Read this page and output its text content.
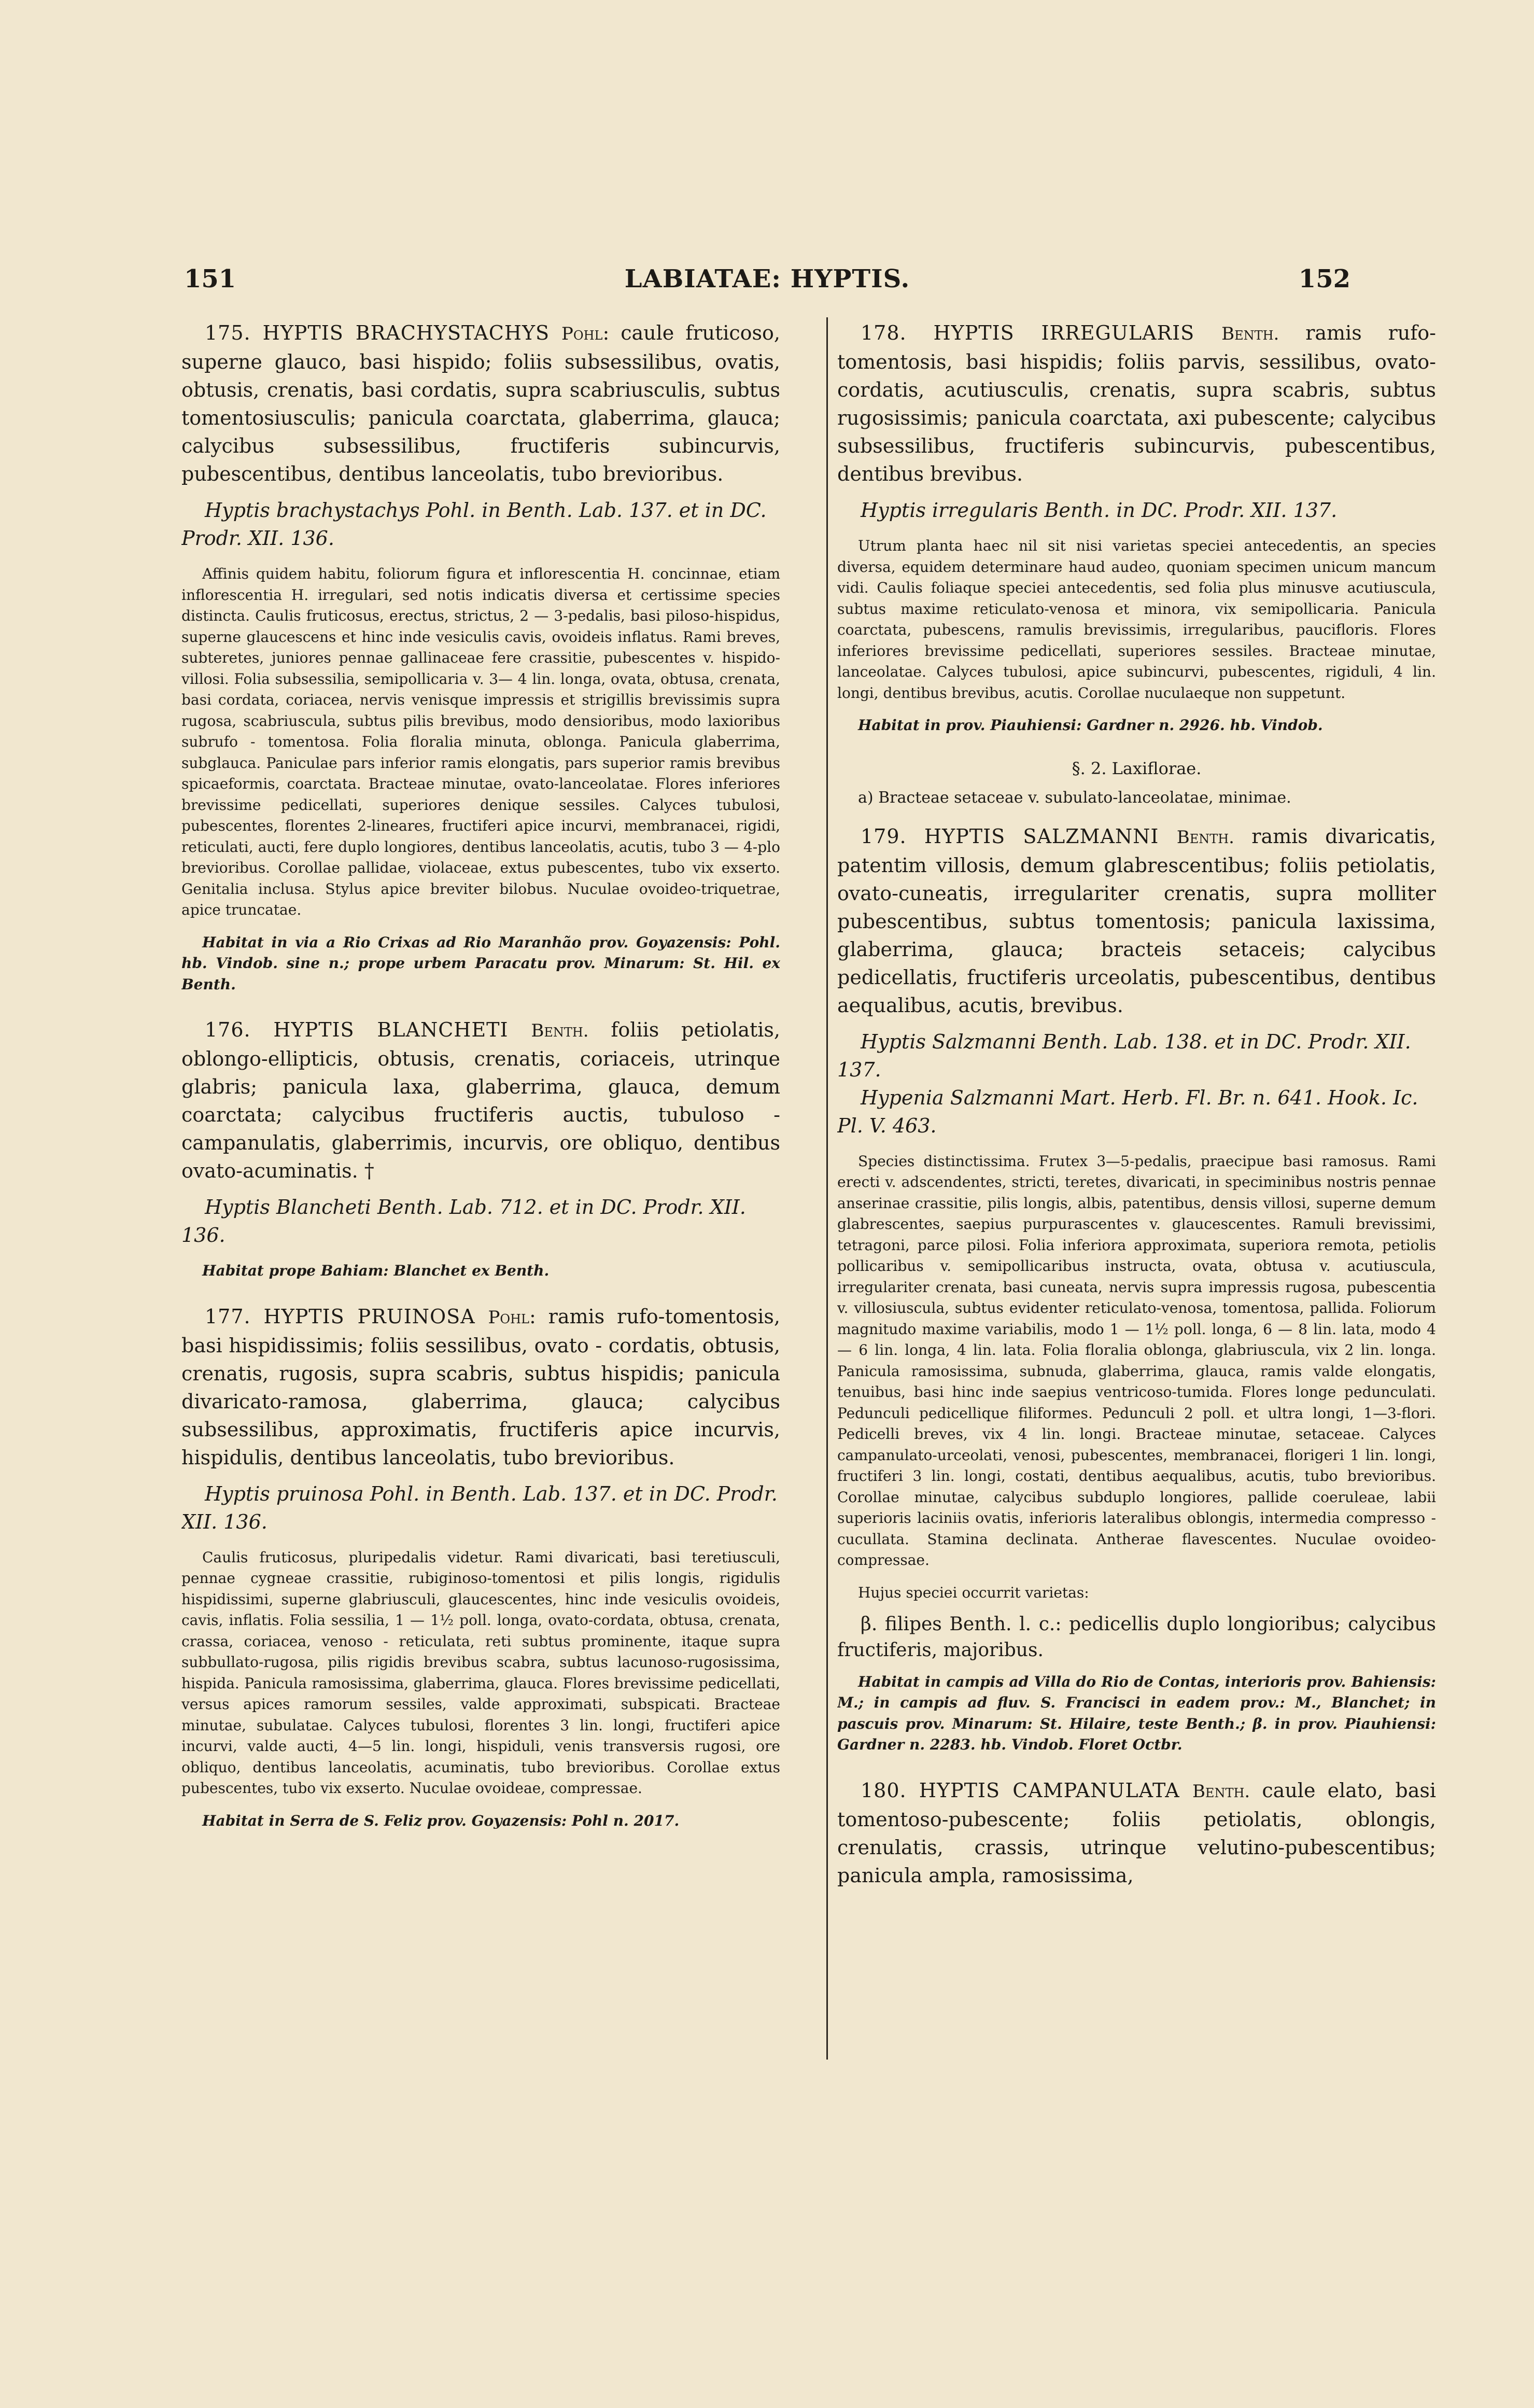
151	LABIATAE: HYPTIS.	152

175. HYPTIS BRACHYSTACHYS Pohl: caule fruticoso, superne glauco, basi hispido; foliis subsessilibus, ovatis, obtusis, crenatis, basi cordatis, supra scabriusculis, subtus tomentosiusculis; panicula coarctata, glaberrima, glauca; calycibus subsessilibus, fructiferis subincurvis, pubescentibus, dentibus lanceolatis, tubo brevioribus.

Hyptis brachystachys Pohl. in Benth. Lab. 137. et in DC. Prodr. XII. 136.

Affinis quidem habitu, foliorum figura et inflorescentia H. concinnae, etiam inflorescentia H. irregulari, sed notis indicatis diversa et certissime species distincta. Caulis fruticosus, erectus, strictus, 2 — 3-pedalis, basi piloso-hispidus, superne glaucescens et hinc inde vesiculis cavis, ovoideis inflatus. Rami breves, subteretes, juniores pennae gallinaceae fere crassitie, pubescentes v. hispido-villosi. Folia subsessilia, semipollicaria v. 3— 4 lin. longa, ovata, obtusa, crenata, basi cordata, coriacea, nervis venisque impressis et strigillis brevissimis supra rugosa, scabriuscula, subtus pilis brevibus, modo densioribus, modo laxioribus subrufo - tomentosa. Folia floralia minuta, oblonga. Panicula glaberrima, subglauca. Paniculae pars inferior ramis elongatis, pars superior ramis brevibus spicaeformis, coarctata. Bracteae minutae, ovato-lanceolatae. Flores inferiores brevissime pedicellati, superiores denique sessiles. Calyces tubulosi, pubescentes, florentes 2-lineares, fructiferi apice incurvi, membranacei, rigidi, reticulati, aucti, fere duplo longiores, dentibus lanceolatis, acutis, tubo 3 — 4-plo brevioribus. Corollae pallidae, violaceae, extus pubescentes, tubo vix exserto. Genitalia inclusa. Stylus apice breviter bilobus. Nuculae ovoideo-triquetrae, apice truncatae.

Habitat in via a Rio Crixas ad Rio Maranhão prov. Goyazensis: Pohl. hb. Vindob. sine n.; prope urbem Paracatu prov. Minarum: St. Hil. ex Benth.

176. HYPTIS BLANCHETI Benth. foliis petiolatis, oblongo-ellipticis, obtusis, crenatis, coriaceis, utrinque glabris; panicula laxa, glaberrima, glauca, demum coarctata; calycibus fructiferis auctis, tubuloso - campanulatis, glaberrimis, incurvis, ore obliquo, dentibus ovato-acuminatis. †

Hyptis Blancheti Benth. Lab. 712. et in DC. Prodr. XII. 136.

Habitat prope Bahiam: Blanchet ex Benth.

177. HYPTIS PRUINOSA Pohl: ramis rufo-tomentosis, basi hispidissimis; foliis sessilibus, ovato - cordatis, obtusis, crenatis, rugosis, supra scabris, subtus hispidis; panicula divaricato-ramosa, glaberrima, glauca; calycibus subsessilibus, approximatis, fructiferis apice incurvis, hispidulis, dentibus lanceolatis, tubo brevioribus.

Hyptis pruinosa Pohl. in Benth. Lab. 137. et in DC. Prodr. XII. 136.

Caulis fruticosus, pluripedalis videtur. Rami divaricati, basi teretiusculi, pennae cygneae crassitie, rubiginoso-tomentosi et pilis longis, rigidulis hispidissimi, superne glabriusculi, glaucescentes, hinc inde vesiculis ovoideis, cavis, inflatis. Folia sessilia, 1 — 1½ poll. longa, ovato-cordata, obtusa, crenata, crassa, coriacea, venoso - reticulata, reti subtus prominente, itaque supra subbullato-rugosa, pilis rigidis brevibus scabra, subtus lacunoso-rugosissima, hispida. Panicula ramosissima, glaberrima, glauca. Flores brevissime pedicellati, versus apices ramorum sessiles, valde approximati, subspicati. Bracteae minutae, subulatae. Calyces tubulosi, florentes 3 lin. longi, fructiferi apice incurvi, valde aucti, 4—5 lin. longi, hispiduli, venis transversis rugosi, ore obliquo, dentibus lanceolatis, acuminatis, tubo brevioribus. Corollae extus pubescentes, tubo vix exserto. Nuculae ovoideae, compressae.

Habitat in Serra de S. Feliz prov. Goyazensis: Pohl n. 2017.

178. HYPTIS IRREGULARIS Benth. ramis rufo-tomentosis, basi hispidis; foliis parvis, sessilibus, ovato-cordatis, acutiusculis, crenatis, supra scabris, subtus rugosissimis; panicula coarctata, axi pubescente; calycibus subsessilibus, fructiferis subincurvis, pubescentibus, dentibus brevibus.

Hyptis irregularis Benth. in DC. Prodr. XII. 137.

Utrum planta haec nil sit nisi varietas speciei antecedentis, an species diversa, equidem determinare haud audeo, quoniam specimen unicum mancum vidi. Caulis foliaque speciei antecedentis, sed folia plus minusve acutiuscula, subtus maxime reticulato-venosa et minora, vix semipollicaria. Panicula coarctata, pubescens, ramulis brevissimis, irregularibus, paucifloris. Flores inferiores brevissime pedicellati, superiores sessiles. Bracteae minutae, lanceolatae. Calyces tubulosi, apice subincurvi, pubescentes, rigiduli, 4 lin. longi, dentibus brevibus, acutis. Corollae nuculaeque non suppetunt.

Habitat in prov. Piauhiensi: Gardner n. 2926. hb. Vindob.

§. 2. Laxiflorae.

a) Bracteae setaceae v. subulato-lanceolatae, minimae.

179. HYPTIS SALZMANNI Benth. ramis divaricatis, patentim villosis, demum glabrescentibus; foliis petiolatis, ovato-cuneatis, irregulariter crenatis, supra molliter pubescentibus, subtus tomentosis; panicula laxissima, glaberrima, glauca; bracteis setaceis; calycibus pedicellatis, fructiferis urceolatis, pubescentibus, dentibus aequalibus, acutis, brevibus.

Hyptis Salzmanni Benth. Lab. 138. et in DC. Prodr. XII. 137.

Hypenia Salzmanni Mart. Herb. Fl. Br. n. 641. Hook. Ic. Pl. V. 463.

Species distinctissima. Frutex 3—5-pedalis, praecipue basi ramosus. Rami erecti v. adscendentes, stricti, teretes, divaricati, in speciminibus nostris pennae anserinae crassitie, pilis longis, albis, patentibus, densis villosi, superne demum glabrescentes, saepius purpurascentes v. glaucescentes. Ramuli brevissimi, tetragoni, parce pilosi. Folia inferiora approximata, superiora remota, petiolis pollicaribus v. semipollicaribus instructa, ovata, obtusa v. acutiuscula, irregulariter crenata, basi cuneata, nervis supra impressis rugosa, pubescentia v. villosiuscula, subtus evidenter reticulato-venosa, tomentosa, pallida. Foliorum magnitudo maxime variabilis, modo 1 — 1½ poll. longa, 6 — 8 lin. lata, modo 4 — 6 lin. longa, 4 lin. lata. Folia floralia oblonga, glabriuscula, vix 2 lin. longa. Panicula ramosissima, subnuda, glaberrima, glauca, ramis valde elongatis, tenuibus, basi hinc inde saepius ventricoso-tumida. Flores longe pedunculati. Pedunculi pedicellique filiformes. Pedunculi 2 poll. et ultra longi, 1—3-flori. Pedicelli breves, vix 4 lin. longi. Bracteae minutae, setaceae. Calyces campanulato-urceolati, venosi, pubescentes, membranacei, florigeri 1 lin. longi, fructiferi 3 lin. longi, costati, dentibus aequalibus, acutis, tubo brevioribus. Corollae minutae, calycibus subduplo longiores, pallide coeruleae, labii superioris laciniis ovatis, inferioris lateralibus oblongis, intermedia compresso - cucullata. Stamina declinata. Antherae flavescentes. Nuculae ovoideo-compressae.

Hujus speciei occurrit varietas:

β. filipes Benth. l. c.: pedicellis duplo longioribus; calycibus fructiferis, majoribus.

Habitat in campis ad Villa do Rio de Contas, interioris prov. Bahiensis: M.; in campis ad fluv. S. Francisci in eadem prov.: M., Blanchet; in pascuis prov. Minarum: St. Hilaire, teste Benth.; β. in prov. Piauhiensi: Gardner n. 2283. hb. Vindob. Floret Octbr.

180. HYPTIS CAMPANULATA Benth. caule elato, basi tomentoso-pubescente; foliis petiolatis, oblongis, crenulatis, crassis, utrinque velutino-pubescentibus; panicula ampla, ramosissima,
